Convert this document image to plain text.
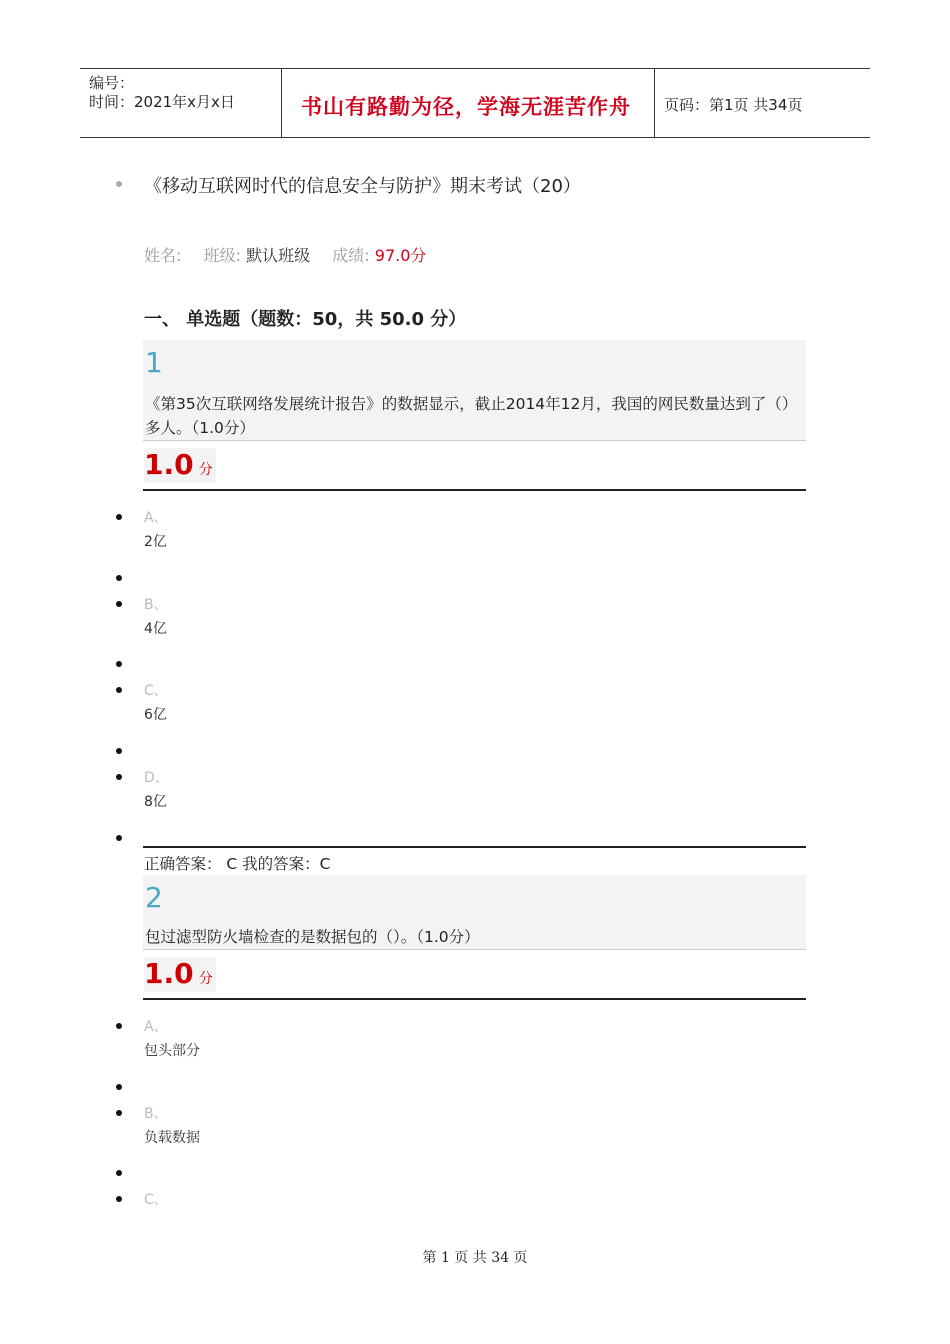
编号：
时间：2021年x月x日	书山有路勤为径，学海无涯苦作舟 页码：第1页 共34页
《移动互联网时代的信息安全与防护》期末考试（20）
姓名: 班级: 默认班级 成绩: 97.0分
一、 单选题（题数：50，共 50.0 分）
1
《第35次互联网络发展统计报告》的数据显示，截止2014年12月，我国的网民数量达到了（）多人。（1.0分）
1.0 分
A、
2亿
B、
4亿
C、
6亿
D、
8亿
正确答案： C 我的答案：C
2
包过滤型防火墙检查的是数据包的（）。（1.0分）
1.0 分
A、
包头部分
B、
负载数据
C、
第 1 页 共 34 页
